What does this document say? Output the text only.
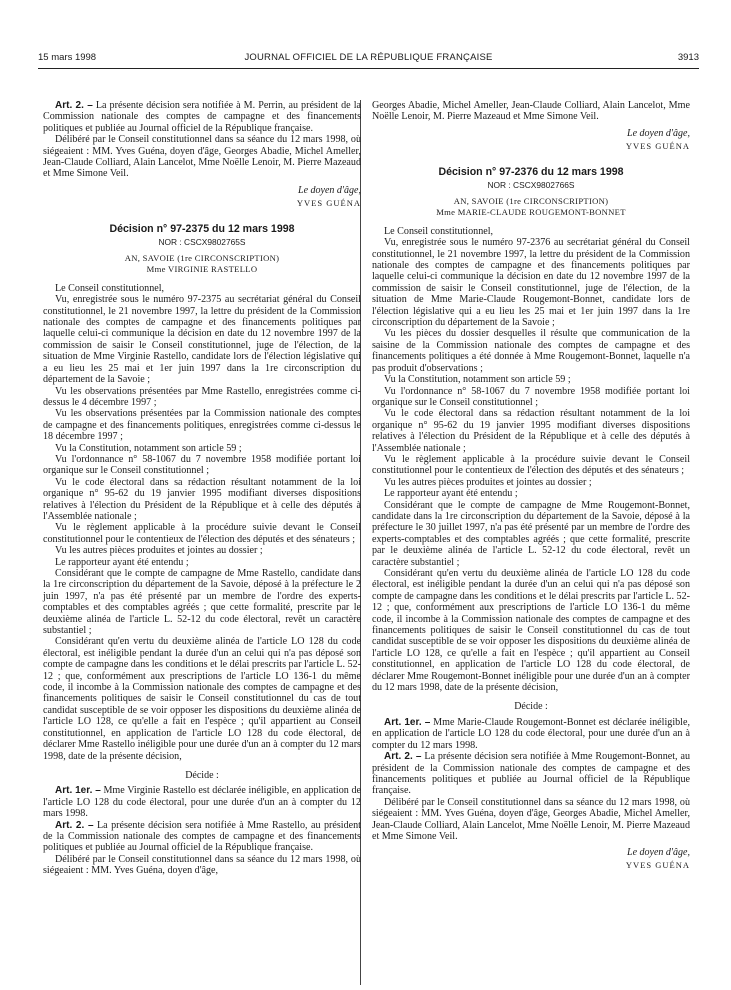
15 mars 1998	JOURNAL OFFICIEL DE LA RÉPUBLIQUE FRANÇAISE	3913

Art. 2. – La présente décision sera notifiée à M. Perrin, au président de la Commission nationale des comptes de campagne et des financements politiques et publiée au Journal officiel de la République française.

Délibéré par le Conseil constitutionnel dans sa séance du 12 mars 1998, où siégeaient : MM. Yves Guéna, doyen d'âge, Georges Abadie, Michel Ameller, Jean-Claude Colliard, Alain Lancelot, Mme Noëlle Lenoir, M. Pierre Mazeaud et Mme Simone Veil.

Le doyen d'âge,
YVES GUÉNA
Décision n° 97-2375 du 12 mars 1998
NOR : CSCX9802765S
AN, SAVOIE (1re CIRCONSCRIPTION)
Mme VIRGINIE RASTELLO

Le Conseil constitutionnel,

Vu, enregistrée sous le numéro 97-2375 au secrétariat général du Conseil constitutionnel, le 21 novembre 1997, la lettre du président de la Commission nationale des comptes de campagne et des financements politiques par laquelle celui-ci communique la décision en date du 12 novembre 1997 de la commission de saisir le Conseil constitutionnel, juge de l'élection, de la situation de Mme Virginie Rastello, candidate lors de l'élection législative qui a eu lieu les 25 mai et 1er juin 1997 dans la 1re circonscription du département de la Savoie ;

Vu les observations présentées par Mme Rastello, enregistrées comme ci-dessus le 4 décembre 1997 ;

Vu les observations présentées par la Commission nationale des comptes de campagne et des financements politiques, enregistrées comme ci-dessus le 18 décembre 1997 ;

Vu la Constitution, notamment son article 59 ;

Vu l'ordonnance n° 58-1067 du 7 novembre 1958 modifiée portant loi organique sur le Conseil constitutionnel ;

Vu le code électoral dans sa rédaction résultant notamment de la loi organique n° 95-62 du 19 janvier 1995 modifiant diverses dispositions relatives à l'élection du Président de la République et à celle des députés à l'Assemblée nationale ;

Vu le règlement applicable à la procédure suivie devant le Conseil constitutionnel pour le contentieux de l'élection des députés et des sénateurs ;

Vu les autres pièces produites et jointes au dossier ;

Le rapporteur ayant été entendu ;

Considérant que le compte de campagne de Mme Rastello, candidate dans la 1re circonscription du département de la Savoie, déposé à la préfecture le 2 juin 1997, n'a pas été présenté par un membre de l'ordre des experts-comptables et des comptables agréés ; que cette formalité, prescrite par le deuxième alinéa de l'article L. 52-12 du code électoral, revêt un caractère substantiel ;

Considérant qu'en vertu du deuxième alinéa de l'article LO 128 du code électoral, est inéligible pendant la durée d'un an celui qui n'a pas déposé son compte de campagne dans les conditions et le délai prescrits par l'article L. 52-12 ; que, conformément aux prescriptions de l'article LO 136-1 du même code, il incombe à la Commission nationale des comptes de campagne et des financements politiques de saisir le Conseil constitutionnel du cas de tout candidat susceptible de se voir opposer les dispositions du deuxième alinéa de l'article LO 128, ce qu'elle a fait en l'espèce ; qu'il appartient au Conseil constitutionnel, en application de l'article LO 128 du code électoral, de déclarer Mme Rastello inéligible pour une durée d'un an à compter du 12 mars 1998, date de la présente décision,

Décide :

Art. 1er. – Mme Virginie Rastello est déclarée inéligible, en application de l'article LO 128 du code électoral, pour une durée d'un an à compter du 12 mars 1998.

Art. 2. – La présente décision sera notifiée à Mme Rastello, au président de la Commission nationale des comptes de campagne et des financements politiques et publiée au Journal officiel de la République française.

Délibéré par le Conseil constitutionnel dans sa séance du 12 mars 1998, où siégeaient : MM. Yves Guéna, doyen d'âge,

Georges Abadie, Michel Ameller, Jean-Claude Colliard, Alain Lancelot, Mme Noëlle Lenoir, M. Pierre Mazeaud et Mme Simone Veil.

Le doyen d'âge,
YVES GUÉNA
Décision n° 97-2376 du 12 mars 1998
NOR : CSCX9802766S
AN, SAVOIE (1re CIRCONSCRIPTION)
Mme MARIE-CLAUDE ROUGEMONT-BONNET

Le Conseil constitutionnel,

Vu, enregistrée sous le numéro 97-2376 au secrétariat général du Conseil constitutionnel, le 21 novembre 1997, la lettre du président de la Commission nationale des comptes de campagne et des financements politiques par laquelle celui-ci communique la décision en date du 12 novembre 1997 de la commission de saisir le Conseil constitutionnel, juge de l'élection, de la situation de Mme Marie-Claude Rougemont-Bonnet, candidate lors de l'élection législative qui a eu lieu les 25 mai et 1er juin 1997 dans la 1re circonscription du département de la Savoie ;

Vu les pièces du dossier desquelles il résulte que communication de la saisine de la Commission nationale des comptes de campagne et des financements politiques a été donnée à Mme Rougemont-Bonnet, laquelle n'a pas produit d'observations ;

Vu la Constitution, notamment son article 59 ;

Vu l'ordonnance n° 58-1067 du 7 novembre 1958 modifiée portant loi organique sur le Conseil constitutionnel ;

Vu le code électoral dans sa rédaction résultant notamment de la loi organique n° 95-62 du 19 janvier 1995 modifiant diverses dispositions relatives à l'élection du Président de la République et à celle des députés à l'Assemblée nationale ;

Vu le règlement applicable à la procédure suivie devant le Conseil constitutionnel pour le contentieux de l'élection des députés et des sénateurs ;

Vu les autres pièces produites et jointes au dossier ;

Le rapporteur ayant été entendu ;

Considérant que le compte de campagne de Mme Rougemont-Bonnet, candidate dans la 1re circonscription du département de la Savoie, déposé à la préfecture le 30 juillet 1997, n'a pas été présenté par un membre de l'ordre des experts-comptables et des comptables agréés ; que cette formalité, prescrite par le deuxième alinéa de l'article L. 52-12 du code électoral, revêt un caractère substantiel ;

Considérant qu'en vertu du deuxième alinéa de l'article LO 128 du code électoral, est inéligible pendant la durée d'un an celui qui n'a pas déposé son compte de campagne dans les conditions et le délai prescrits par l'article L. 52-12 ; que, conformément aux prescriptions de l'article LO 136-1 du même code, il incombe à la Commission nationale des comptes de campagne et des financements politiques de saisir le Conseil constitutionnel du cas de tout candidat susceptible de se voir opposer les dispositions du deuxième alinéa de l'article LO 128, ce qu'elle a fait en l'espèce ; qu'il appartient au Conseil constitutionnel, en application de l'article LO 128 du code électoral, de déclarer Mme Rougemont-Bonnet inéligible pour une durée d'un an à compter du 12 mars 1998, date de la présente décision,

Décide :

Art. 1er. – Mme Marie-Claude Rougemont-Bonnet est déclarée inéligible, en application de l'article LO 128 du code électoral, pour une durée d'un an à compter du 12 mars 1998.

Art. 2. – La présente décision sera notifiée à Mme Rougemont-Bonnet, au président de la Commission nationale des comptes de campagne et des financements politiques et publiée au Journal officiel de la République française.

Délibéré par le Conseil constitutionnel dans sa séance du 12 mars 1998, où siégeaient : MM. Yves Guéna, doyen d'âge, Georges Abadie, Michel Ameller, Jean-Claude Colliard, Alain Lancelot, Mme Noëlle Lenoir, M. Pierre Mazeaud et Mme Simone Veil.

Le doyen d'âge,
YVES GUÉNA
